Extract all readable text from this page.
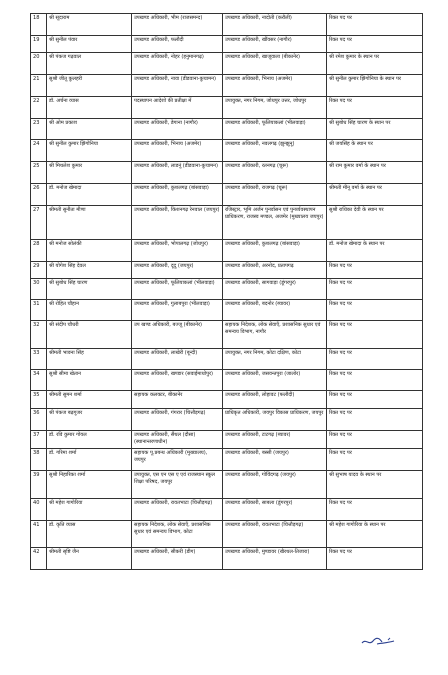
18	श्री सूदाराम	उपखण्ड अधिकारी, भीम (राजसमन्द)	उपखण्ड अधिकारी, नादोती (करौली)	रिक्त पद पर
19	श्री सुनील पंवार	उपखण्ड अधिकारी, फलौदी	उपखण्ड अधिकारी, खींवसर (नागौर)	रिक्त पद पर
20	श्री पंकज गढ़वाल	उपखण्ड अधिकारी, नोहर (हनुमानगढ़)	उपखण्ड अधिकारी, खाजूवाला (बीकानेर)	श्री रमेश कुमार के स्थान पर
21	सुश्री जीतू कुलहरी	उपखण्ड अधिकारी, नावा (डीडवाना-कुचामन)	उपखण्ड अधिकारी, भिनाय (अजमेर)	श्री सुनील कुमार झिंगोनिया के स्थान पर
22	डॉ. अर्चना व्यास	पदस्थापन आदेशो की प्रतीक्षा में	उपायुक्त, नगर निगम, जोधपुर उत्तर, जोधपुर	रिक्त पद पर
23	श्री ओम प्रकाश	उपखण्ड अधिकारी, डेगाना (नागौर)	उपखण्ड अधिकारी, फूलियाकलां (भीलवाड़ा)	श्री सुबोध सिंह चारण के स्थान पर
24	श्री सुनील कुमार झिंगोनिया	उपखण्ड अधिकारी, भिनाय (अजमेर)	उपखण्ड अधिकारी, नवलगढ़ (झुन्झुनू)	श्री जयसिंह के स्थान पर
25	श्री मिथलेश कुमार	उपखण्ड अधिकारी, लाडनूं (डीडवाना-कुचामन)	उपखण्ड अधिकारी, रतनगढ़ (चूरू)	श्री राम कुमार वर्मा के स्थान पर
26	डॉ. मनोज खेमादा	उपखण्ड अधिकारी, कुशलगढ़ (बांसवाड़ा)	उपखण्ड अधिकारी, राजगढ़ (चूरू)	श्रीमती मीनू वर्मा के स्थान पर
27	श्रीमती सुनीता मीणा	उपखण्ड अधिकारी, किशनगढ़ रेनवाल (जयपुर)	रजिस्ट्रार, भूमि अर्जन पुनर्वासन एवं पुनर्व्यवस्थापन प्राधिकरण, राजस्व मण्डल, अजमेर (मुख्यालय जयपुर)	सुश्री राधिका देवी के स्थान पर
28	श्री मनोज सोलंकी	उपखण्ड अधिकारी, भोपालगढ़ (जोधपुर)	उपखण्ड अधिकारी, कुशलगढ़ (बांसवाड़ा)	डॉ. मनोज खेमादा के स्थान पर
29	श्री योगेश सिंह देवल	उपखण्ड अधिकारी, दूदू (जयपुर)	उपखण्ड अधिकारी, अरनोद, प्रतापगढ़	रिक्त पद पर
30	श्री सुबोध सिंह चारण	उपखण्ड अधिकारी, फूलियाकलां (भीलवाड़ा)	उपखण्ड अधिकारी, सागवाड़ा (डूंगरपुर)	रिक्त पद पर
31	श्री रोहित चौहान	उपखण्ड अधिकारी, गुलाबपुरा (भीलवाड़ा)	उपखण्ड अधिकारी, बदनोर (ब्यावर)	रिक्त पद पर
32	श्री संदीप चौधरी	उप खण्ड अधिकारी, बज्जू (बीकानेर)	सहायक निदेशक, लोक सेवाएँ, प्रशासनिक सुधार एवं समन्वय विभाग, नागौर	रिक्त पद पर
33	श्रीमती भावना सिंह	उपखण्ड अधिकारी, लाखेरी (बून्दी)	उपायुक्त, नगर निगम, कोटा दक्षिण, कोटा	रिक्त पद पर
34	सुश्री सीमा खेतान	उपखण्ड अधिकारी, खण्डार (सवाईमाधोपुर)	उपखण्ड अधिकारी, जसवन्तपुरा (जालोर)	रिक्त पद पर
35	श्रीमती सुमन शर्मा	सहायक कलक्टर, बीकानेर	उपखण्ड अधिकारी, लोहावट (फलौदी)	रिक्त पद पर
36	श्री पंकज बढ़गूजर	उपखण्ड अधिकारी, गंगरार (चित्तौड़गढ़)	प्राधिकृत अधिकारी, जयपुर विकास प्राधिकरण, जयपुर	रिक्त पद पर
37	डॉ. रवि कुमार गोयल	उपखण्ड अधिकारी, सैंथल (दौसा) (स्थानान्तरणाधीन)	उपखण्ड अधिकारी, टाटगढ़ (ब्यावर)	रिक्त पद पर
38	डॉ. गरिमा शर्मा	सहायक पू.प्रबन्ध अधिकारी (मुख्यालय), जयपुर	उपखण्ड अधिकारी, बस्सी (जयपुर)	रिक्त पद पर
39	सुश्री निहारिका शर्मा	उपायुक्त, एस एन एस ए एवं राजस्थान स्कूल शिक्षा परिषद, जयपुर	उपखण्ड अधिकारी, गोविंदगढ़ (जयपुर)	श्री सुभाष यादव के स्थान पर
40	श्री महेश गागोरिया	उपखण्ड अधिकारी, रावतभाटा (चित्तौड़गढ़)	उपखण्ड अधिकारी, साबला (डूंगरपुर)	रिक्त पद पर
41	डॉ. कृति व्यास	सहायक निदेशक, लोक सेवाएँ, प्रशासनिक सुधार एवं समन्वय विभाग, कोटा	उपखण्ड अधिकारी, रावतभाटा (चित्तौड़गढ़)	श्री महेश गागोरिया के स्थान पर
42	श्रीमती सृष्टि जैन	उपखण्ड अधिकारी, सीकरी (डीग)	उपखण्ड अधिकारी, मुण्डावर (खैरथल-तिजारा)	रिक्त पद पर
